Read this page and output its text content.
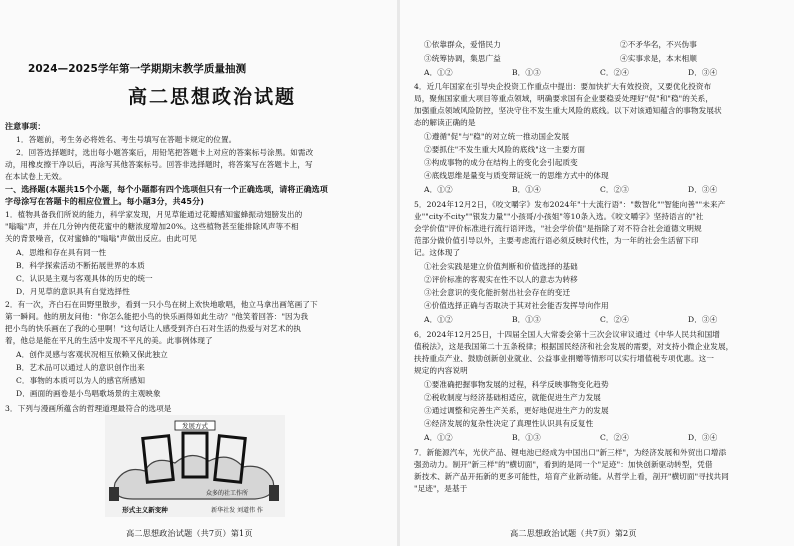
2024—2025学年第一学期期末教学质量抽测
高二思想政治试题
注意事项：
1．答题前，考生务必将姓名、考生号填写在答题卡规定的位置。
2．回答选择题时，选出每小题答案后，用铅笔把答题卡上对应的答案标号涂黑。如需改
动，用橡皮擦干净以后，再涂写其他答案标号。回答非选择题时，将答案写在答题卡上，写
在本试卷上无效。
一、选择题(本题共15个小题，每个小题都有四个选项但只有一个正确选项，请将正确选项
字母涂写在答题卡的相应位置上。每小题3分，共45分)
1．植物具备我们所说的能力，科学家发现，月见草能通过花瓣感知蜜蜂振动翅膀发出的
"嗡嗡"声，并在几分钟内使花蜜中的糖浓度增加20%。这些植物甚至能排除风声等不相
关的背景噪音，仅对蜜蜂的"嗡嗡"声做出反应。由此可见
A．思维和存在具有同一性
B．科学探索活动不断拓展世界的本质
C．认识是主观与客观具体的历史的统一
D．月见草的意识具有自觉选择性
2．有一次，齐白石在田野里散步，看到一只小鸟在树上欢快地歌唱，他立马拿出画笔画了下
第一瞬间。他的朋友问他："你怎么能把小鸟的快乐画得如此生动？"他笑着回答："因为我
把小鸟的快乐画在了我的心里啊！"这句话让人感受到齐白石对生活的热爱与对艺术的执
着，他总是能在平凡的生活中发现不平凡的美。此事例体现了
A．创作灵感与客观状况相互依赖又保此独立
B．艺术品可以通过人的意识创作出来
C．事物的本质可以为人的感官所感知
D．画面的画卷是小鸟唱歌场景的主观映象
3．下列与漫画所蕴含的哲理道理最符合的选项是
发展方式
众多的社工作所
形式主义新变种	新华社发 刘道伟 作
高二思想政治试题（共7页）第1页
①依靠群众，爱惜民力	②不矛华名，不兴伪事
③统筹协调，集思广益	④实事求是，本末相顺
A．①②	B．①③	C．②④	D．③④
4．近几年国家在引导央企投资工作重点中提出：要加快扩大有效投资，又要优化投资布
局，聚焦国家重大项目等重点领域，明确要求国有企业要稳妥处理好"促"和"稳"的关系，
加强重点领域风险防控，坚决守住不发生重大风险的底线。以下对该通知蕴含的事物发展状
态的解读正确的是
①遵循"促"与"稳"的对立统一推动国企发展
②要抓住"不发生重大风险的底线"这一主要方面
③构成事物的成分在结构上的变化会引起质变
④底线思维是量变与质变辩证统一的思维方式中的体现
A．①②	B．①④	C．②③	D．③④
5．2024年12月2日，《咬文嚼字》发布2024年"十大流行语"："数智化""智能向善""未来产
业""city不city""银发力量""小孩哥/小孩姐"等10条入选。《咬文嚼字》坚持语言的"社
会学价值"评价标准进行流行语评选，"社会学价值"是指除了对不符合社会道德文明规
范部分做价值引导以外，主要考虑流行语必须反映时代性，为一年的社会生活留下印
记。这体现了
①社会实践是建立价值判断和价值选择的基础
②评价标准的客观实在性不以人的意志为转移
③社会意识的变化能折射出社会存在的变迁
④价值选择正确与否取决于其对社会能否发挥导向作用
A．①②	B．①③	C．②④	D．③④
6．2024年12月25日，十四届全国人大常委会第十三次会议审议通过《中华人民共和国增
值税法》，这是我国第二十五条税律；根据国民经济和社会发展的需要，对支持小微企业发展，
扶持重点产业、鼓励创新创业就业、公益事业捐赠等情形可以实行增值税专项优惠。这一
规定的内容说明
①要准确把握事物发展的过程，科学反映事物变化趋势
②税收制度与经济基础相适应，就能促进生产力发展
③通过调整和完善生产关系，更好地促进生产力的发展
④经济发展的复杂性决定了真理性认识具有反复性
A．①②	B．①③	C．②④	D．③④
7．新能源汽车，光伏产品、锂电池已经成为中国出口"新三样"，为经济发展和外贸出口增添
强劲动力。制开"新三样"的"横切面"，看到的是同一个"足迹"：加快创新驱动转型，凭借
新技术、新产品开拓新的更多可能性，培育产业新动能。从哲学上看，剖开"横切面"寻找共同
"足迹"，是基于
高二思想政治试题（共7页）第2页
